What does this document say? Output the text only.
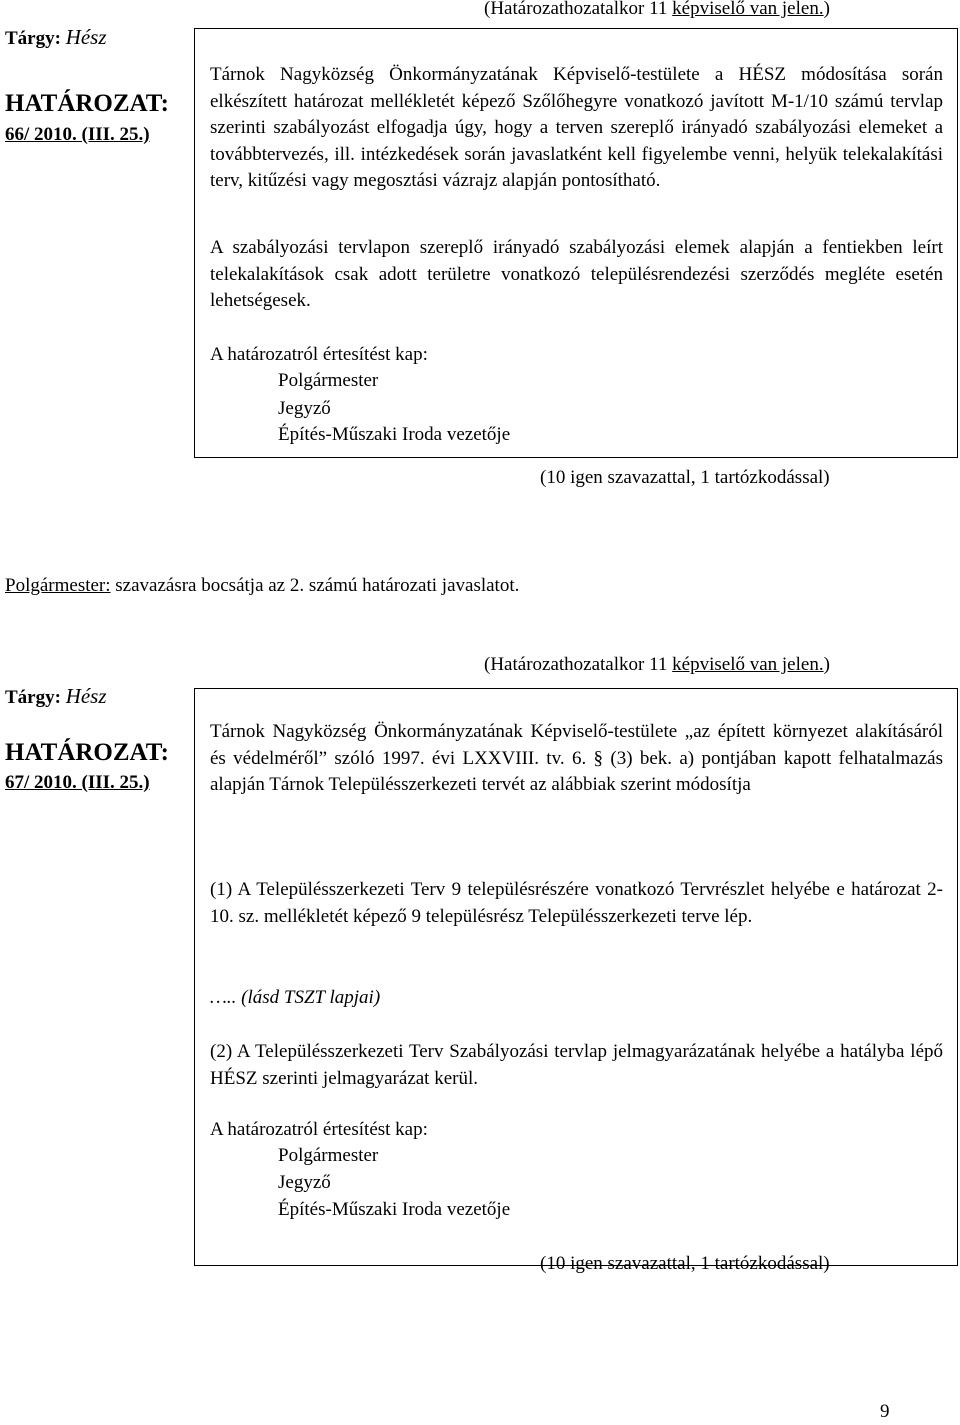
Tárgy: Hész
HATÁROZAT:
66/ 2010. (III. 25.)
(Határozathozatalkor 11 képviselő van jelen.)
Tárnok Nagyközség Önkormányzatának Képviselő-testülete a HÉSZ módosítása során elkészített határozat mellékletét képező Szőlőhegyre vonatkozó javított M-1/10 számú tervlap szerinti szabályozást elfogadja úgy, hogy a terven szereplő irányadó szabályozási elemeket a továbbtervezés, ill. intézkedések során javaslatként kell figyelembe venni, helyük telekalakítási terv, kitűzési vagy megosztási vázrajz alapján pontosítható.
A szabályozási tervlapon szereplő irányadó szabályozási elemek alapján a fentiekben leírt telekalakítások csak adott területre vonatkozó településrendezési szerződés megléte esetén lehetségesek.
A határozatról értesítést kap:
Polgármester
Jegyző
Építés-Műszaki Iroda vezetője
(10 igen szavazattal, 1 tartózkodással)
Polgármester: szavazásra bocsátja az 2. számú határozati javaslatot.
(Határozathozatalkor 11 képviselő van jelen.)
Tárgy: Hész
HATÁROZAT:
67/ 2010. (III. 25.)
Tárnok Nagyközség Önkormányzatának Képviselő-testülete „az épített környezet alakításáról és védelméről” szóló 1997. évi LXXVIII. tv. 6. § (3) bek. a) pontjában kapott felhatalmazás alapján Tárnok Településszerkezeti tervét az alábbiak szerint módosítja
(1) A Településszerkezeti Terv 9 településrészére vonatkozó Tervrészlet helyébe e határozat 2-10. sz. mellékletét képező 9 településrész Településszerkezeti terve lép.
….. (lásd TSZT lapjai)
(2) A Településszerkezeti Terv Szabályozási tervlap jelmagyarázatának helyébe a hatályba lépő HÉSZ szerinti jelmagyarázat kerül.
A határozatról értesítést kap:
Polgármester
Jegyző
Építés-Műszaki Iroda vezetője
(10 igen szavazattal, 1 tartózkodással)
9
